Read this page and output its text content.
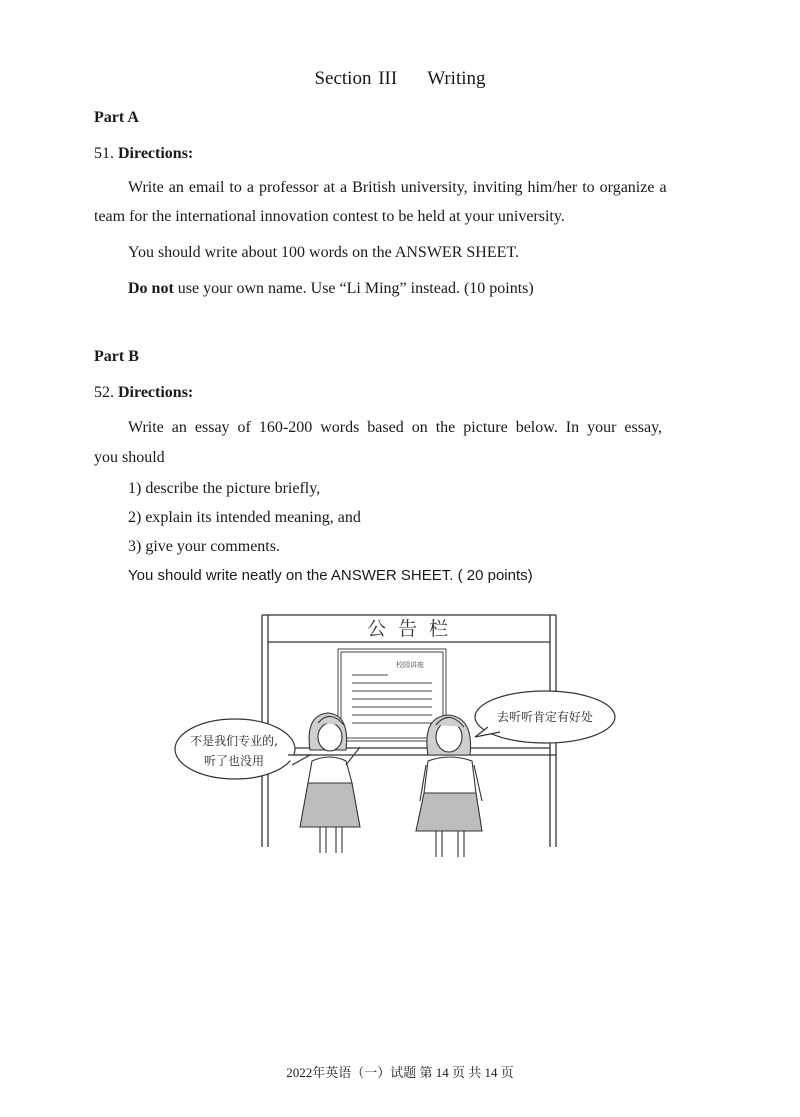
Section III Writing
Part A
51. Directions:
Write an email to a professor at a British university, inviting him/her to organize a
team for the international innovation contest to be held at your university.
You should write about 100 words on the ANSWER SHEET.
Do not use your own name. Use “Li Ming” instead. (10 points)
Part B
52. Directions:
Write an essay of 160-200 words based on the picture below. In your essay,
you should
1) describe the picture briefly,
2) explain its intended meaning, and
3) give your comments.
You should write neatly on the ANSWER SHEET. ( 20 points)
公 告 栏
校园讲座
不是我们专业的,
听了也没用
去听听肯定有好处
2022年英语（一）试题 第 14 页 共 14 页
